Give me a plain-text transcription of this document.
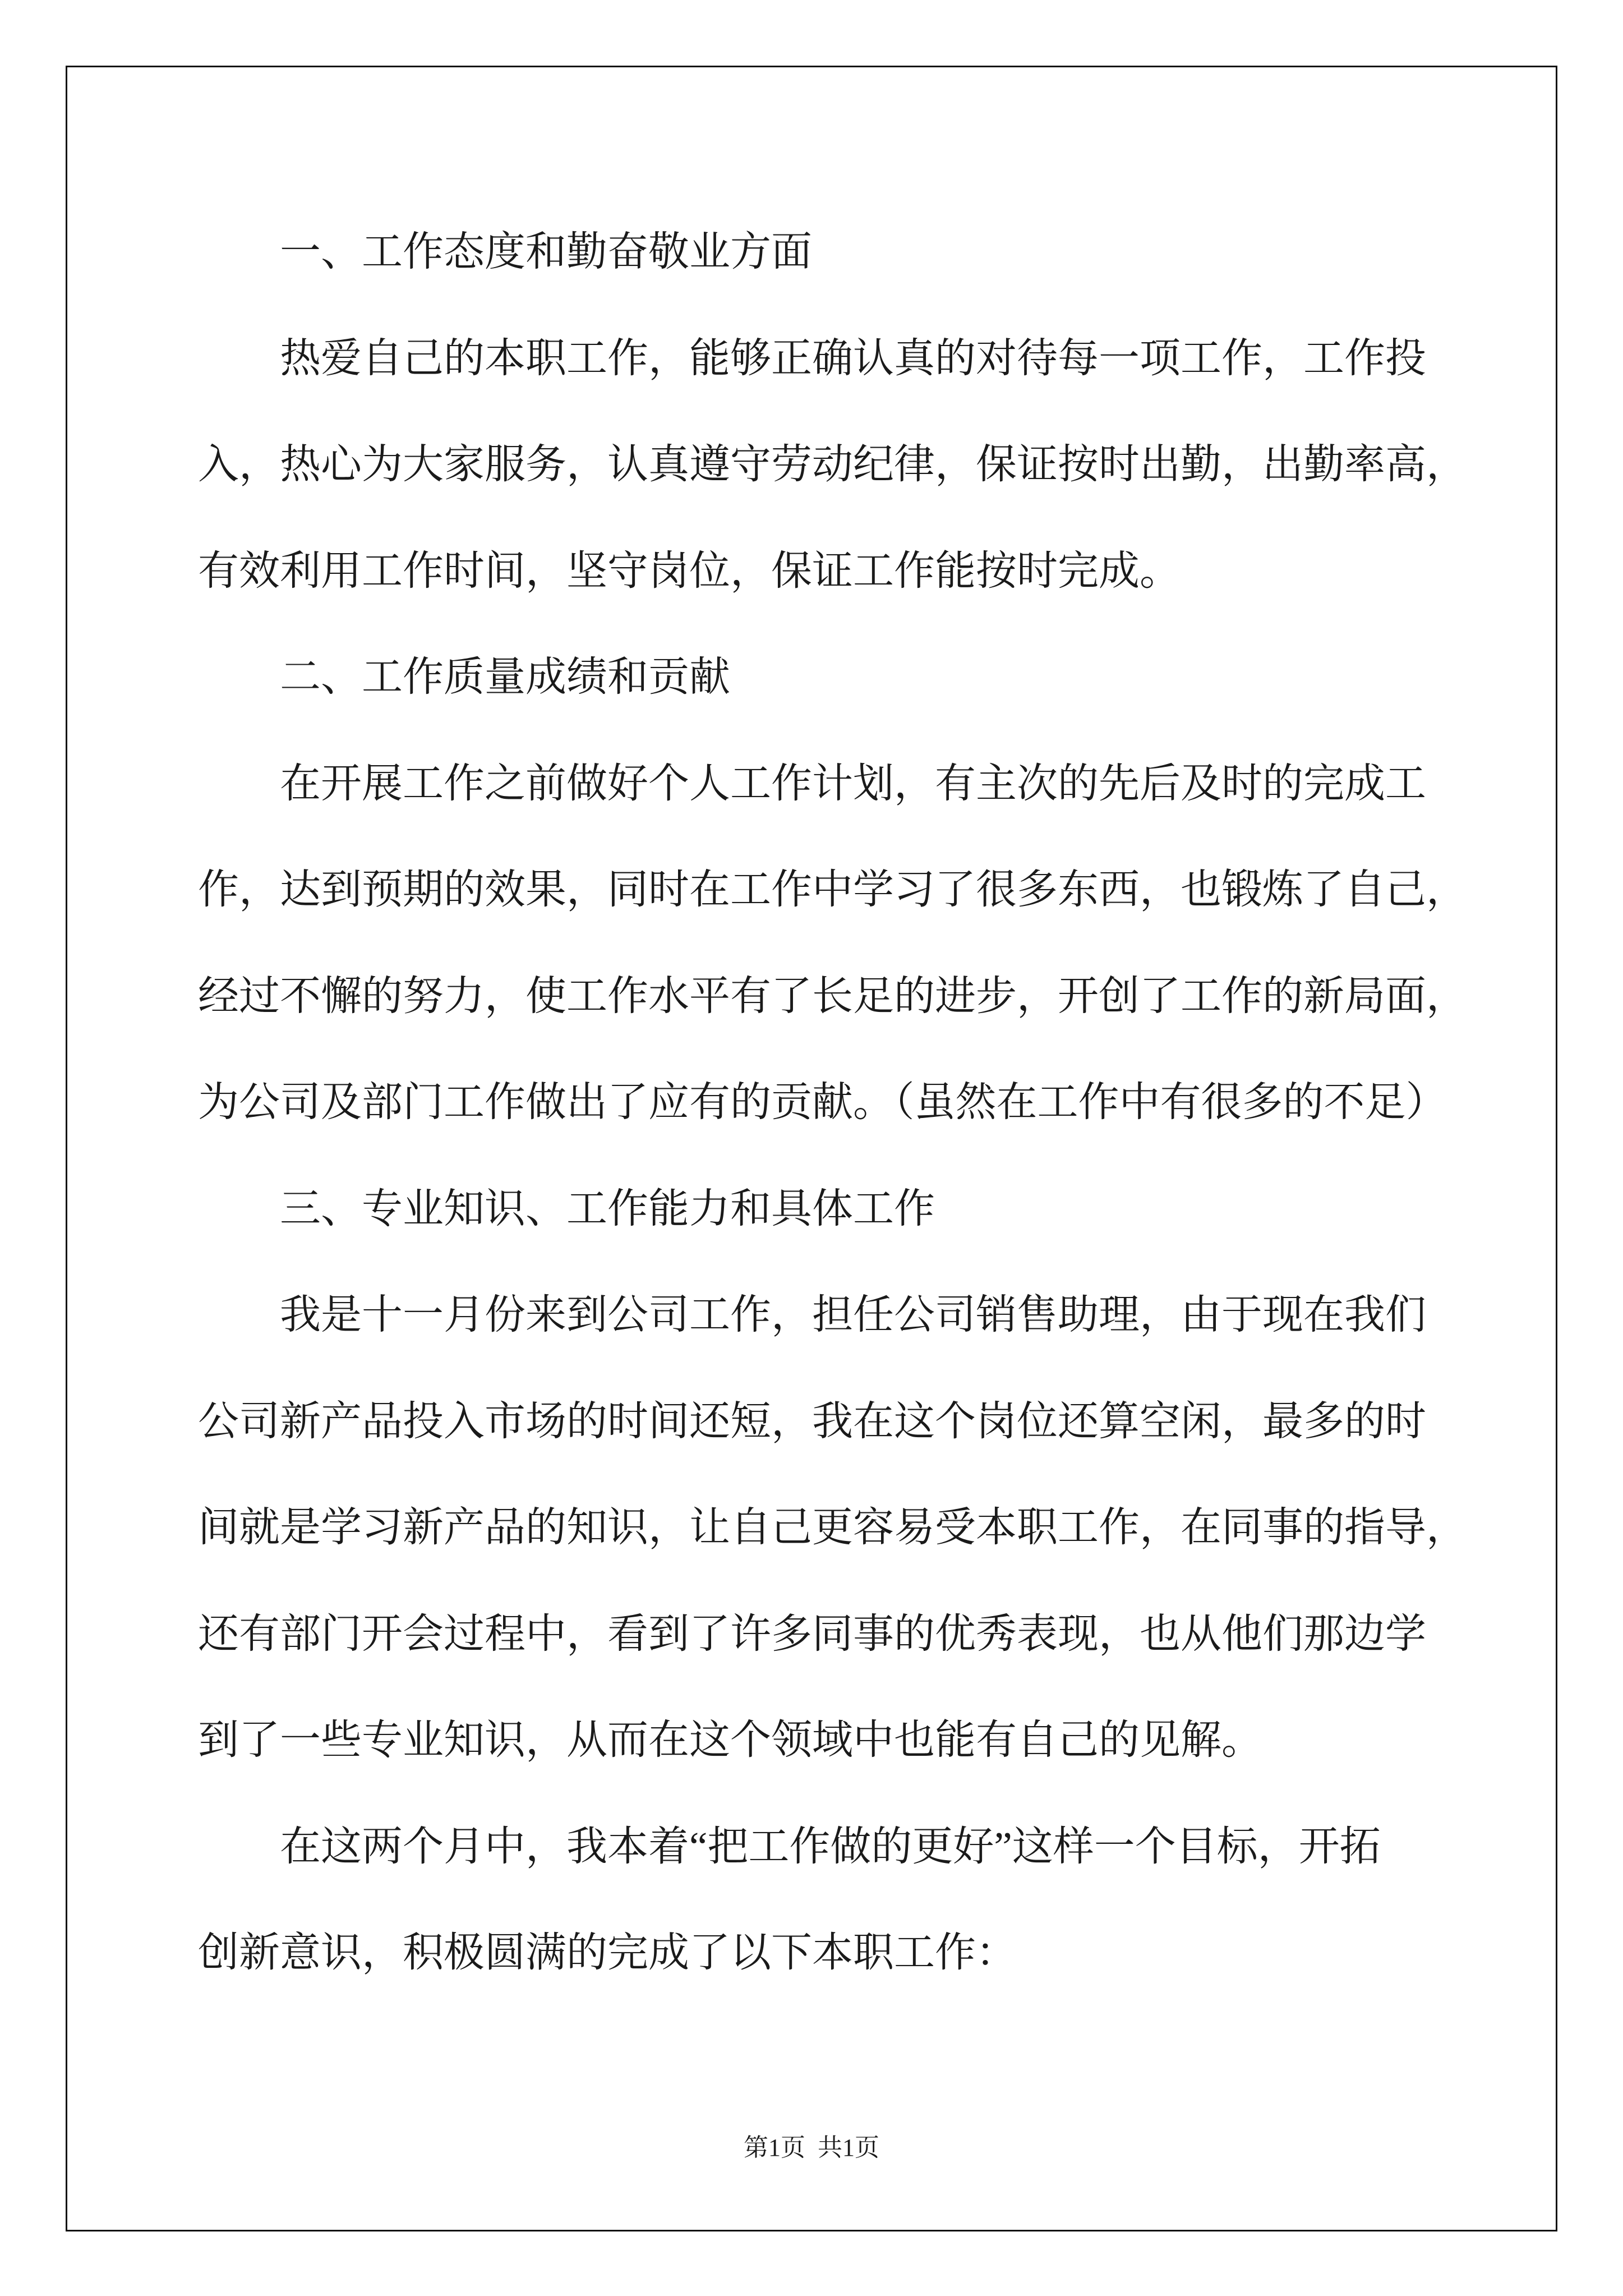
一、工作态度和勤奋敬业方面
热爱自己的本职工作，能够正确认真的对待每一项工作，工作投
入，热心为大家服务，认真遵守劳动纪律，保证按时出勤，出勤率高，
有效利用工作时间，坚守岗位，保证工作能按时完成。
二、工作质量成绩和贡献
在开展工作之前做好个人工作计划，有主次的先后及时的完成工
作，达到预期的效果，同时在工作中学习了很多东西，也锻炼了自己，
经过不懈的努力，使工作水平有了长足的进步，开创了工作的新局面，
为公司及部门工作做出了应有的贡献。（虽然在工作中有很多的不足）
三、专业知识、工作能力和具体工作
我是十一月份来到公司工作，担任公司销售助理，由于现在我们
公司新产品投入市场的时间还短，我在这个岗位还算空闲，最多的时
间就是学习新产品的知识，让自己更容易受本职工作，在同事的指导，
还有部门开会过程中，看到了许多同事的优秀表现，也从他们那边学
到了一些专业知识，从而在这个领域中也能有自己的见解。
在这两个月中，我本着“把工作做的更好”这样一个目标，开拓
创新意识，积极圆满的完成了以下本职工作：
第1页  共1页
